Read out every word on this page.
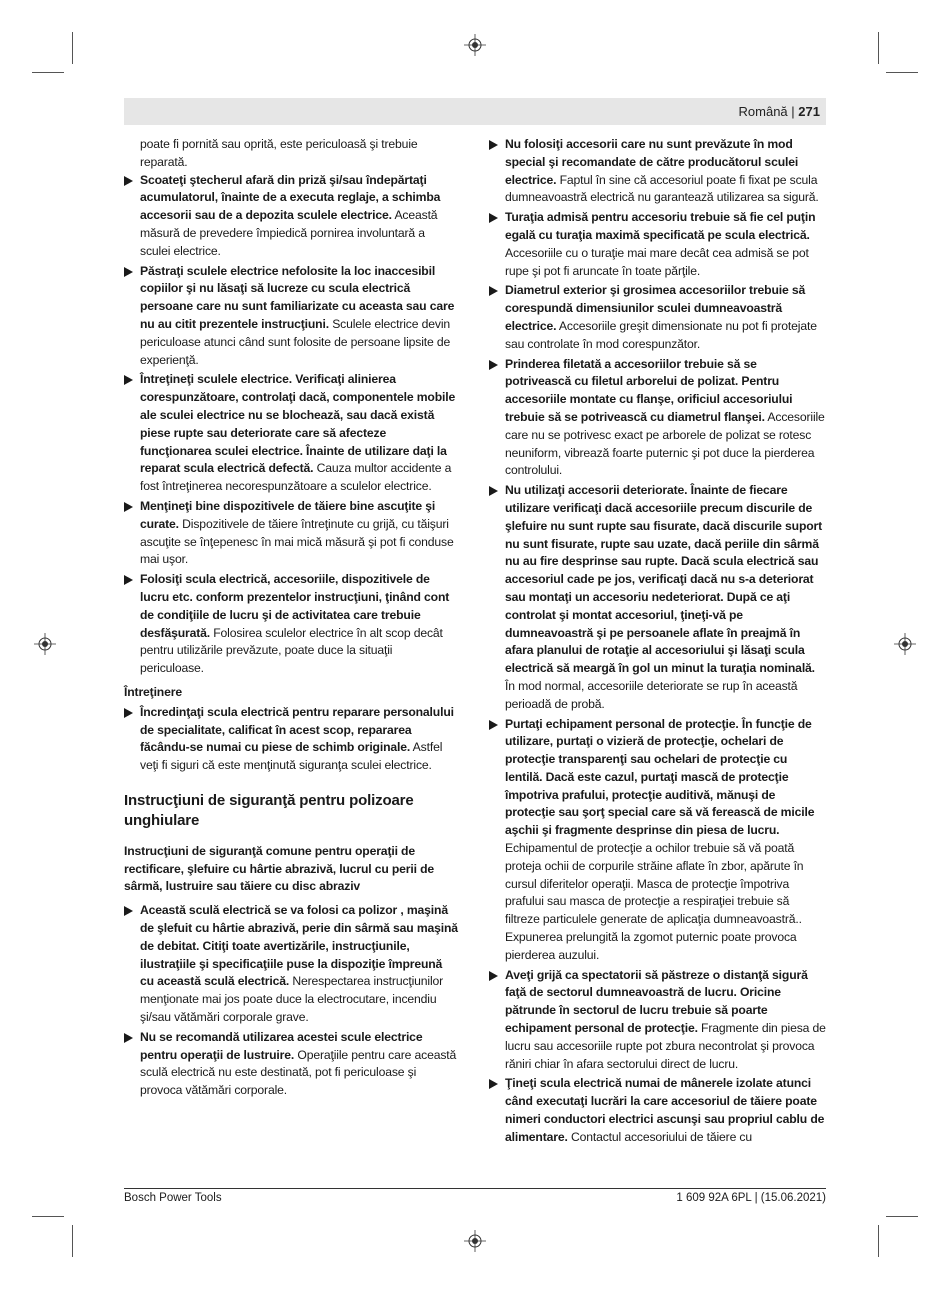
Română | 271

poate fi pornită sau oprită, este periculoasă şi trebuie reparată.

Scoateţi ştecherul afară din priză şi/sau îndepărtaţi acumulatorul, înainte de a executa reglaje, a schimba accesorii sau de a depozita sculele electrice. Această măsură de prevedere împiedică pornirea involuntară a sculei electrice.
Păstraţi sculele electrice nefolosite la loc inaccesibil copiilor şi nu lăsaţi să lucreze cu scula electrică persoane care nu sunt familiarizate cu aceasta sau care nu au citit prezentele instrucţiuni. Sculele electrice devin periculoase atunci când sunt folosite de persoane lipsite de experienţă.
Întreţineţi sculele electrice. Verificaţi alinierea corespunzătoare, controlaţi dacă, componentele mobile ale sculei electrice nu se blochează, sau dacă există piese rupte sau deteriorate care să afecteze funcţionarea sculei electrice. Înainte de utilizare daţi la reparat scula electrică defectă. Cauza multor accidente a fost întreţinerea necorespunzătoare a sculelor electrice.
Menţineţi bine dispozitivele de tăiere bine ascuţite şi curate. Dispozitivele de tăiere întreţinute cu grijă, cu tăişuri ascuţite se înţepenesc în mai mică măsură şi pot fi conduse mai uşor.
Folosiţi scula electrică, accesoriile, dispozitivele de lucru etc. conform prezentelor instrucţiuni, ţinând cont de condiţiile de lucru şi de activitatea care trebuie desfăşurată. Folosirea sculelor electrice în alt scop decât pentru utilizările prevăzute, poate duce la situaţii periculoase.
Întreţinere
Încredinţaţi scula electrică pentru reparare personalului de specialitate, calificat în acest scop, repararea făcându-se numai cu piese de schimb originale. Astfel veţi fi siguri că este menţinută siguranţa sculei electrice.
Instrucţiuni de siguranţă pentru polizoare unghiulare
Instrucţiuni de siguranţă comune pentru operaţii de rectificare, şlefuire cu hârtie abrazivă, lucrul cu perii de sârmă, lustruire sau tăiere cu disc abraziv
Această sculă electrică se va folosi ca polizor , maşină de şlefuit cu hârtie abrazivă, perie din sârmă sau maşină de debitat. Citiţi toate avertizările, instrucţiunile, ilustraţiile şi specificaţiile puse la dispoziţie împreună cu această sculă electrică. Nerespectarea instrucţiunilor menţionate mai jos poate duce la electrocutare, incendiu şi/sau vătămări corporale grave.
Nu se recomandă utilizarea acestei scule electrice pentru operaţii de lustruire. Operaţiile pentru care această sculă electrică nu este destinată, pot fi periculoase şi provoca vătămări corporale.
Nu folosiţi accesorii care nu sunt prevăzute în mod special şi recomandate de către producătorul sculei electrice. Faptul în sine că accesoriul poate fi fixat pe scula dumneavoastră electrică nu garantează utilizarea sa sigură.
Turaţia admisă pentru accesoriu trebuie să fie cel puţin egală cu turaţia maximă specificată pe scula electrică. Accesoriile cu o turaţie mai mare decât cea admisă se pot rupe şi pot fi aruncate în toate părţile.
Diametrul exterior şi grosimea accesoriilor trebuie să corespundă dimensiunilor sculei dumneavoastră electrice. Accesoriile greşit dimensionate nu pot fi protejate sau controlate în mod corespunzător.
Prinderea filetată a accesoriilor trebuie să se potrivească cu filetul arborelui de polizat. Pentru accesoriile montate cu flanşe, orificiul accesoriului trebuie să se potrivească cu diametrul flanşei. Accesoriile care nu se potrivesc exact pe arborele de polizat se rotesc neuniform, vibrează foarte puternic şi pot duce la pierderea controlului.
Nu utilizaţi accesorii deteriorate. Înainte de fiecare utilizare verificaţi dacă accesoriile precum discurile de şlefuire nu sunt rupte sau fisurate, dacă discurile suport nu sunt fisurate, rupte sau uzate, dacă periile din sârmă nu au fire desprinse sau rupte. Dacă scula electrică sau accesoriul cade pe jos, verificaţi dacă nu s-a deteriorat sau montaţi un accesoriu nedeteriorat. După ce aţi controlat şi montat accesoriul, ţineţi-vă pe dumneavoastră şi pe persoanele aflate în preajmă în afara planului de rotaţie al accesoriului şi lăsaţi scula electrică să meargă în gol un minut la turaţia nominală. În mod normal, accesoriile deteriorate se rup în această perioadă de probă.
Purtaţi echipament personal de protecţie. În funcţie de utilizare, purtaţi o vizieră de protecţie, ochelari de protecţie transparenţi sau ochelari de protecţie cu lentilă. Dacă este cazul, purtaţi mască de protecţie împotriva prafului, protecţie auditivă, mănuşi de protecţie sau şorţ special care să vă ferească de micile aşchii şi fragmente desprinse din piesa de lucru. Echipamentul de protecţie a ochilor trebuie să vă poată proteja ochii de corpurile străine aflate în zbor, apărute în cursul diferitelor operaţii. Masca de protecţie împotriva prafului sau masca de protecţie a respiraţiei trebuie să filtreze particulele generate de aplicaţia dumneavoastră.. Expunerea prelungită la zgomot puternic poate provoca pierderea auzului.
Aveţi grijă ca spectatorii să păstreze o distanţă sigură faţă de sectorul dumneavoastră de lucru. Oricine pătrunde în sectorul de lucru trebuie să poarte echipament personal de protecţie. Fragmente din piesa de lucru sau accesoriile rupte pot zbura necontrolat şi provoca răniri chiar în afara sectorului direct de lucru.
Ţineţi scula electrică numai de mânerele izolate atunci când executaţi lucrări la care accesoriul de tăiere poate nimeri conductori electrici ascunşi sau propriul cablu de alimentare. Contactul accesoriului de tăiere cu
Bosch Power Tools	1 609 92A 6PL | (15.06.2021)
